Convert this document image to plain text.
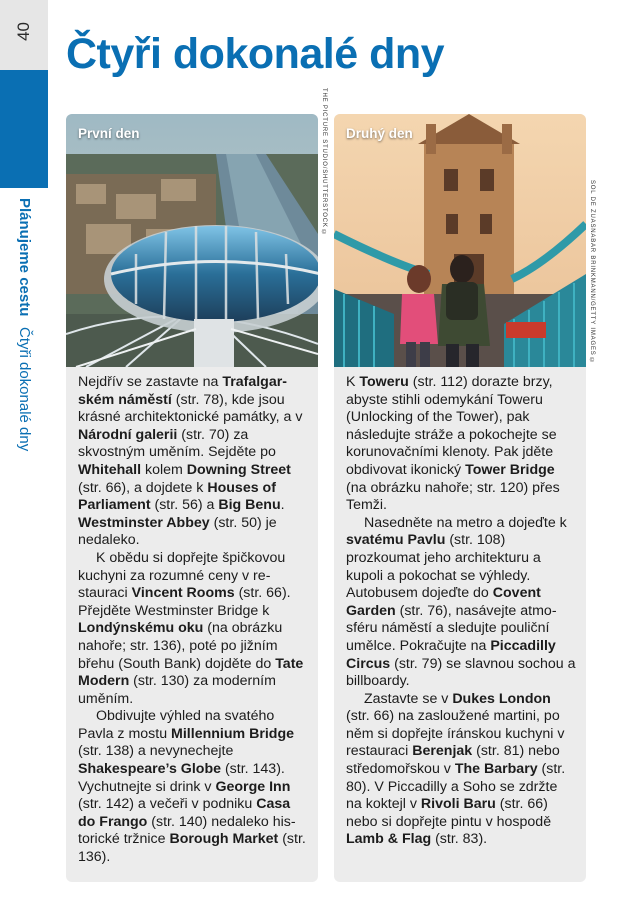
40
Plánujeme cestu Čtyři dokonalé dny
Čtyři dokonalé dny
První den

Nejdřív se zastavte na Trafalgarském náměstí (str. 78), kde jsou krásné architektonické památky, a v Národní galerii (str. 70) za skvostným uměním. Sejděte po Whitehall kolem Downing Street (str. 66), a dojdete k Houses of Parliament (str. 56) a Big Benu. Westminster Abbey (str. 50) je nedaleko.

K obědu si dopřejte špičkovou kuchyni za rozumné ceny v restauraci Vincent Rooms (str. 66). Přejděte Westminster Bridge k Londýnskému oku (na obrázku nahoře; str. 136), poté po jižním břehu (South Bank) dojděte do Tate Modern (str. 130) za moderním uměním.

Obdivujte výhled na svatého Pavla z mostu Millennium Bridge (str. 138) a nevynechejte Shakespeare’s Globe (str. 143). Vychutnejte si drink v George Inn (str. 142) a večeři v podniku Casa do Frango (str. 140) nedaleko historické tržnice Borough Market (str. 136).

THE PICTURE STUDIO/SHUTTERSTOCK © Druhý den

K Toweru (str. 112) dorazte brzy, abyste stihli odemykání Toweru (Unlocking of the Tower), pak následujte stráže a pokochejte se korunovačními klenoty. Pak jděte obdivovat ikonický Tower Bridge (na obrázku nahoře; str. 120) přes Temži.

Nasedněte na metro a dojeďte k svatému Pavlu (str. 108) prozkoumat jeho architekturu a kupoli a pokochat se výhledy. Autobusem dojeďte do Covent Garden (str. 76), nasávejte atmosféru náměstí a sledujte pouliční umělce. Pokračujte na Piccadilly Circus (str. 79) se slavnou sochou a billboardy.

Zastavte se v Dukes London (str. 66) na zasloužené martini, po něm si dopřejte íránskou kuchyni v restauraci Berenjak (str. 81) nebo středomořskou v The Barbary (str. 80). V Piccadilly a Soho se zdržte na koktejl v Rivoli Baru (str. 66) nebo si dopřejte pintu v hospodě Lamb & Flag (str. 83).

SOL DE ZUASNABAR BRINKMANN/GETTY IMAGES ©
